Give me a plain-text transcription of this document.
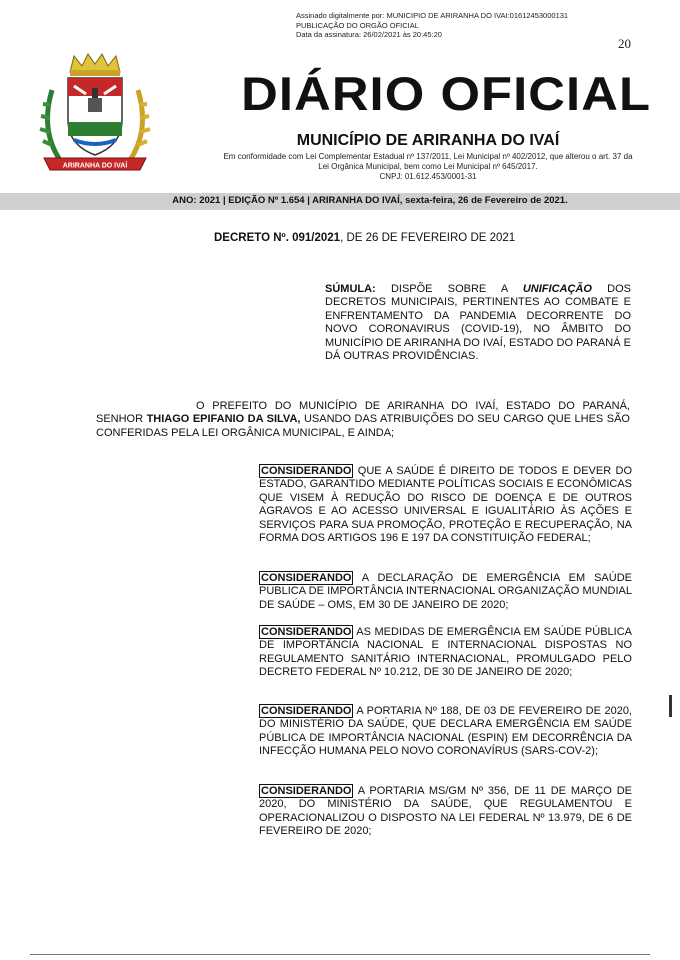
Assinado digitalmente por: MUNICIPIO DE ARIRANHA DO IVAI:01612453000131
PUBLICAÇÃO DO ORGÃO OFICIAL
Data da assinatura: 26/02/2021 às 20:45:20
20
ARIRANHA DO IVAÍ
DIÁRIO OFICIAL
MUNICÍPIO DE ARIRANHA DO IVAÍ
Em conformidade com Lei Complementar Estadual nº 137/2011, Lei Municipal nº 402/2012, que alterou o art. 37 da
Lei Orgânica Municipal, bem como Lei Municipal nº 645/2017.
CNPJ: 01.612.453/0001-31
ANO: 2021 | EDIÇÃO Nº 1.654 | ARIRANHA DO IVAÍ, sexta-feira, 26 de Fevereiro de 2021.
DECRETO Nº. 091/2021, DE 26 DE FEVEREIRO DE 2021
SÚMULA: DISPÕE SOBRE A UNIFICAÇÃO DOS DECRETOS MUNICIPAIS, PERTINENTES AO COMBATE E ENFRENTAMENTO DA PANDEMIA DECORRENTE DO NOVO CORONAVIRUS (COVID-19), NO ÂMBITO DO MUNICÍPIO DE ARIRANHA DO IVAÍ, ESTADO DO PARANÁ E DÁ OUTRAS PROVIDÊNCIAS.
O PREFEITO DO MUNICÍPIO DE ARIRANHA DO IVAÍ, ESTADO DO PARANÁ, SENHOR THIAGO EPIFANIO DA SILVA, USANDO DAS ATRIBUIÇÕES DO SEU CARGO QUE LHES SÃO CONFERIDAS PELA LEI ORGÂNICA MUNICIPAL, E AINDA;
CONSIDERANDO QUE A SAÚDE É DIREITO DE TODOS E DEVER DO ESTADO, GARANTIDO MEDIANTE POLÍTICAS SOCIAIS E ECONÔMICAS QUE VISEM À REDUÇÃO DO RISCO DE DOENÇA E DE OUTROS AGRAVOS E AO ACESSO UNIVERSAL E IGUALITÁRIO ÀS AÇÕES E SERVIÇOS PARA SUA PROMOÇÃO, PROTEÇÃO E RECUPERAÇÃO, NA FORMA DOS ARTIGOS 196 E 197 DA CONSTITUIÇÃO FEDERAL;
CONSIDERANDO A DECLARAÇÃO DE EMERGÊNCIA EM SAÚDE PÚBLICA DE IMPORTÂNCIA INTERNACIONAL ORGANIZAÇÃO MUNDIAL DE SAÚDE – OMS, EM 30 DE JANEIRO DE 2020;
CONSIDERANDO AS MEDIDAS DE EMERGÊNCIA EM SAÚDE PÚBLICA DE IMPORTÂNCIA NACIONAL E INTERNACIONAL DISPOSTAS NO REGULAMENTO SANITÁRIO INTERNACIONAL, PROMULGADO PELO DECRETO FEDERAL Nº 10.212, DE 30 DE JANEIRO DE 2020;
CONSIDERANDO A PORTARIA Nº 188, DE 03 DE FEVEREIRO DE 2020, DO MINISTÉRIO DA SAÚDE, QUE DECLARA EMERGÊNCIA EM SAÚDE PÚBLICA DE IMPORTÂNCIA NACIONAL (ESPIN) EM DECORRÊNCIA DA INFECÇÃO HUMANA PELO NOVO CORONAVÍRUS (SARS-COV-2);
CONSIDERANDO A PORTARIA MS/GM Nº 356, DE 11 DE MARÇO DE 2020, DO MINISTÉRIO DA SAÚDE, QUE REGULAMENTOU E OPERACIONALIZOU O DISPOSTO NA LEI FEDERAL Nº 13.979, DE 6 DE FEVEREIRO DE 2020;
